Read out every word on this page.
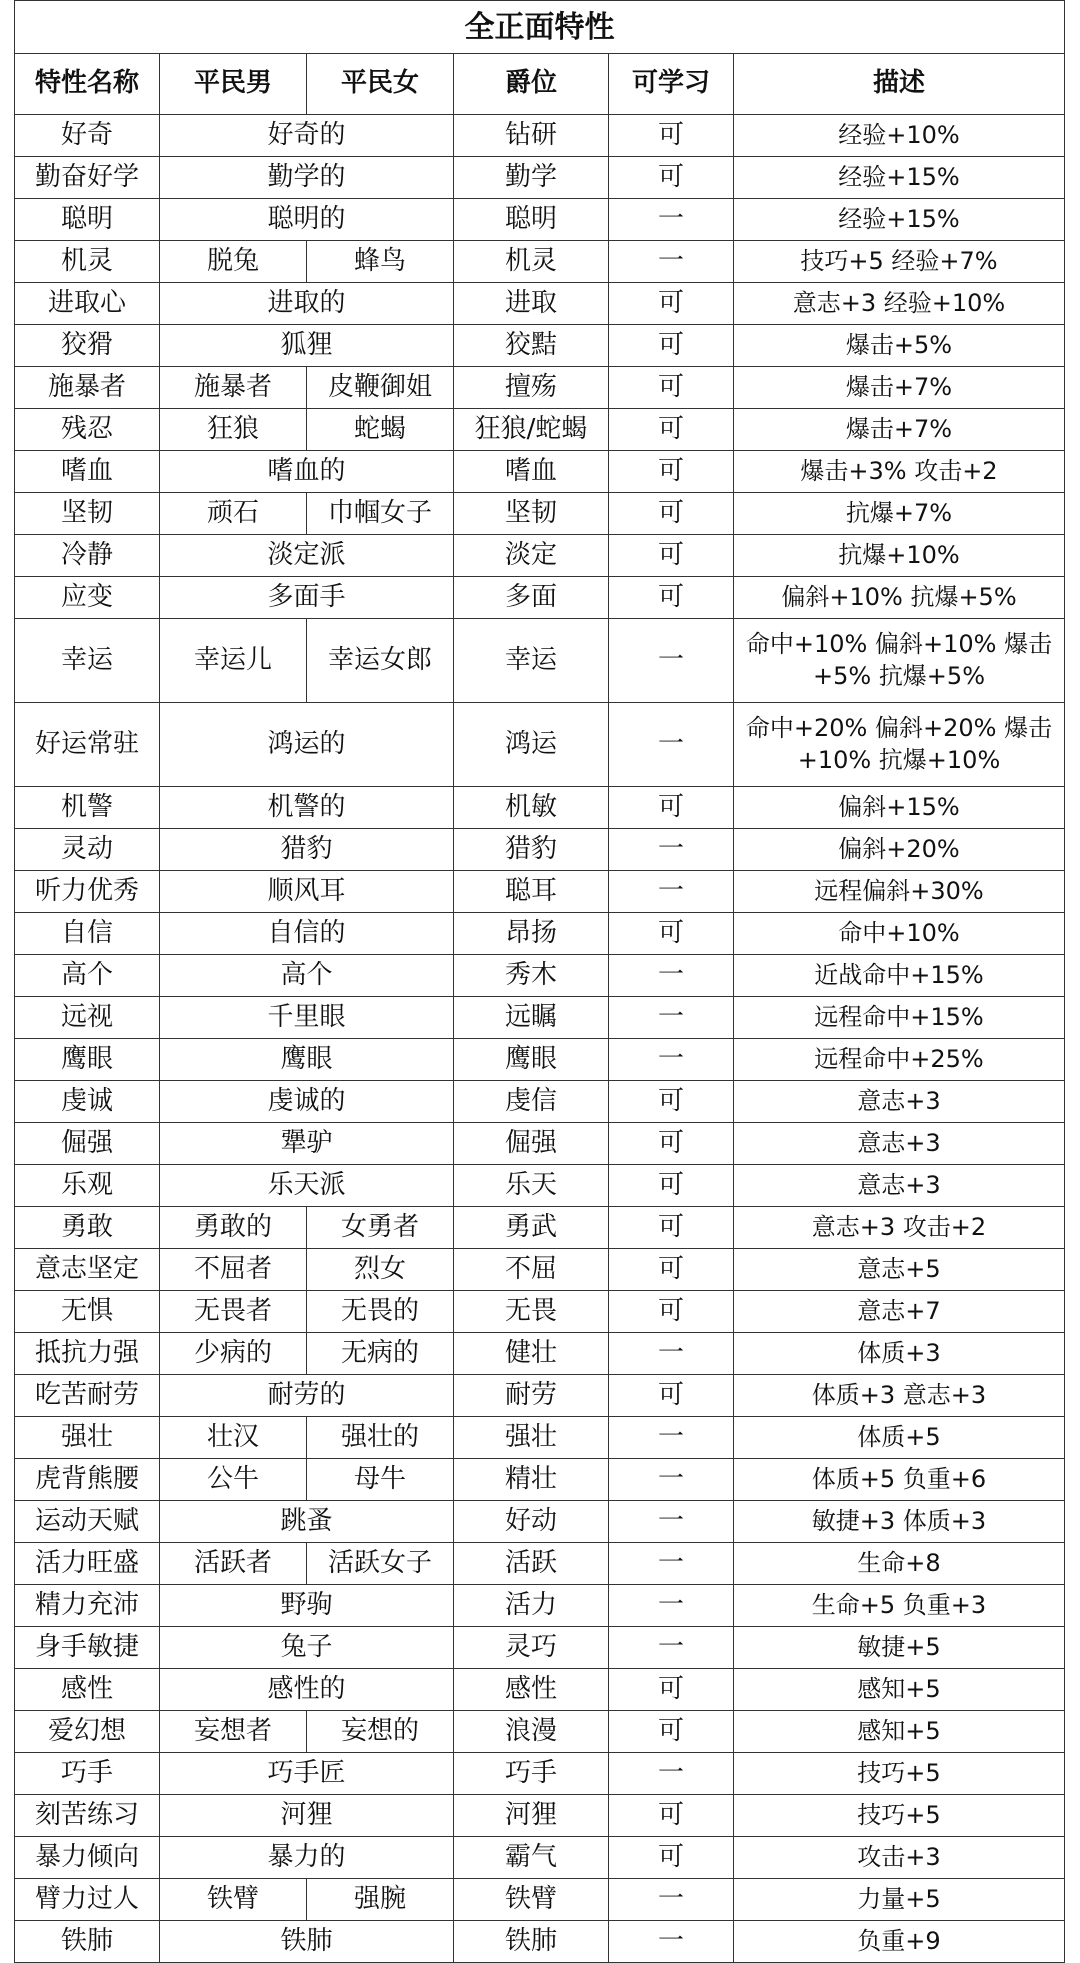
全正面特性					
特性名称	平民男	平民女	爵位	可学习	描述
好奇	好奇的		钻研	可	经验+10%
勤奋好学	勤学的		勤学	可	经验+15%
聪明	聪明的		聪明	一	经验+15%
机灵	脱兔	蜂鸟	机灵	一	技巧+5 经验+7%
进取心	进取的		进取	可	意志+3 经验+10%
狡猾	狐狸		狡黠	可	爆击+5%
施暴者	施暴者	皮鞭御姐	擅殇	可	爆击+7%
残忍	狂狼	蛇蝎	狂狼/蛇蝎	可	爆击+7%
嗜血	嗜血的		嗜血	可	爆击+3% 攻击+2
坚韧	顽石	巾帼女子	坚韧	可	抗爆+7%
冷静	淡定派		淡定	可	抗爆+10%
应变	多面手		多面	可	偏斜+10% 抗爆+5%
幸运	幸运儿	幸运女郎	幸运	一	命中+10% 偏斜+10% 爆击+5% 抗爆+5%
好运常驻	鸿运的		鸿运	一	命中+20% 偏斜+20% 爆击+10% 抗爆+10%
机警	机警的		机敏	可	偏斜+15%
灵动	猎豹		猎豹	一	偏斜+20%
听力优秀	顺风耳		聪耳	一	远程偏斜+30%
自信	自信的		昂扬	可	命中+10%
高个	高个		秀木	一	近战命中+15%
远视	千里眼		远瞩	一	远程命中+15%
鹰眼	鹰眼		鹰眼	一	远程命中+25%
虔诚	虔诚的		虔信	可	意志+3
倔强	犟驴		倔强	可	意志+3
乐观	乐天派		乐天	可	意志+3
勇敢	勇敢的	女勇者	勇武	可	意志+3 攻击+2
意志坚定	不屈者	烈女	不屈	可	意志+5
无惧	无畏者	无畏的	无畏	可	意志+7
抵抗力强	少病的	无病的	健壮	一	体质+3
吃苦耐劳	耐劳的		耐劳	可	体质+3 意志+3
强壮	壮汉	强壮的	强壮	一	体质+5
虎背熊腰	公牛	母牛	精壮	一	体质+5 负重+6
运动天赋	跳蚤		好动	一	敏捷+3 体质+3
活力旺盛	活跃者	活跃女子	活跃	一	生命+8
精力充沛	野驹		活力	一	生命+5 负重+3
身手敏捷	兔子		灵巧	一	敏捷+5
感性	感性的		感性	可	感知+5
爱幻想	妄想者	妄想的	浪漫	可	感知+5
巧手	巧手匠		巧手	一	技巧+5
刻苦练习	河狸		河狸	可	技巧+5
暴力倾向	暴力的		霸气	可	攻击+3
臂力过人	铁臂	强腕	铁臂	一	力量+5
铁肺	铁肺		铁肺	一	负重+9
